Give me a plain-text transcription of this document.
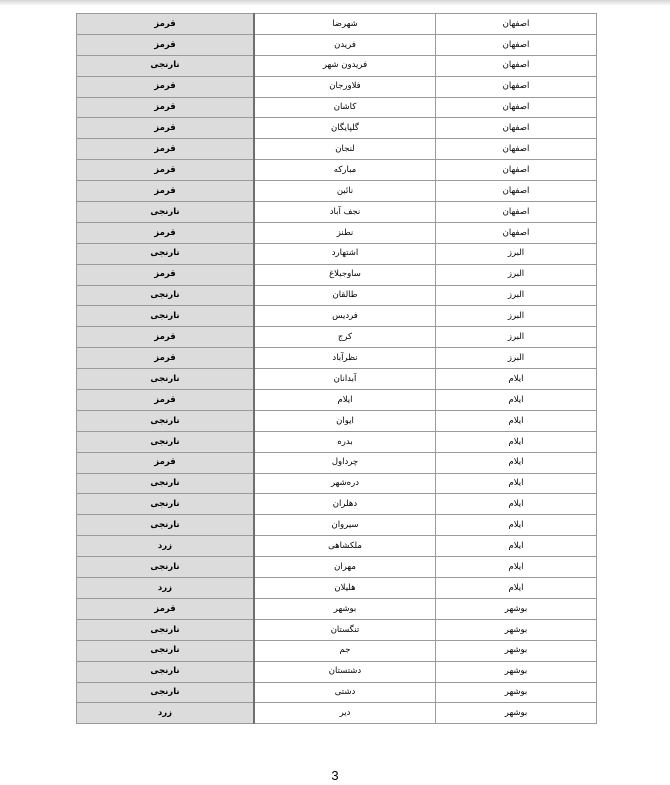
قرمز	شهرضا	اصفهان
قرمز	فریدن	اصفهان
نارنجی	فریدون شهر	اصفهان
قرمز	فلاورجان	اصفهان
قرمز	کاشان	اصفهان
قرمز	گلپایگان	اصفهان
قرمز	لنجان	اصفهان
قرمز	مبارکه	اصفهان
قرمز	نائین	اصفهان
نارنجی	نجف آباد	اصفهان
قرمز	نطنز	اصفهان
نارنجی	اشتهارد	البرز
قرمز	ساوجبلاغ	البرز
نارنجی	طالقان	البرز
نارنجی	فردیس	البرز
قرمز	کرج	البرز
قرمز	نظرآباد	البرز
نارنجی	آبدانان	ایلام
قرمز	ایلام	ایلام
نارنجی	ایوان	ایلام
نارنجی	بدره	ایلام
قرمز	چرداول	ایلام
نارنجی	دره‌شهر	ایلام
نارنجی	دهلران	ایلام
نارنجی	سیروان	ایلام
زرد	ملکشاهی	ایلام
نارنجی	مهران	ایلام
زرد	هلیلان	ایلام
قرمز	بوشهر	بوشهر
نارنجی	تنگستان	بوشهر
نارنجی	جم	بوشهر
نارنجی	دشتستان	بوشهر
نارنجی	دشتی	بوشهر
زرد	دیر	بوشهر
3
